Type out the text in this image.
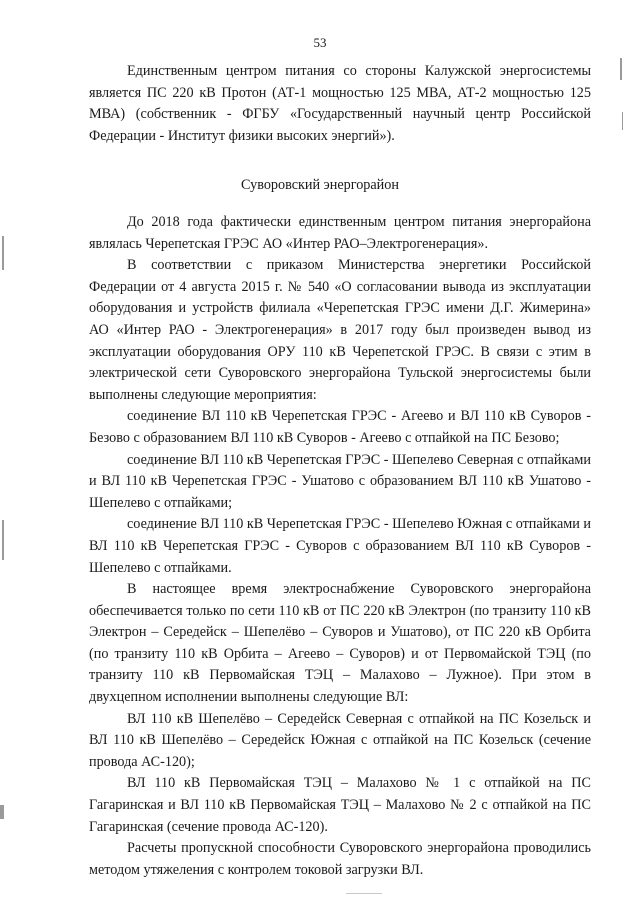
53

Единственным центром питания со стороны Калужской энергосистемы является ПС 220 кВ Протон (АТ-1 мощностью 125 МВА, АТ-2 мощностью 125 МВА) (собственник - ФГБУ «Государственный научный центр Российской Федерации - Институт физики высоких энергий»).

Суворовский энергорайон

До 2018 года фактически единственным центром питания энергорайона являлась Черепетская ГРЭС АО «Интер РАО–Электрогенерация».

В соответствии с приказом Министерства энергетики Российской Федерации от 4 августа 2015 г. № 540 «О согласовании вывода из эксплуатации оборудования и устройств филиала «Черепетская ГРЭС имени Д.Г. Жимерина» АО «Интер РАО - Электрогенерация» в 2017 году был произведен вывод из эксплуатации оборудования ОРУ 110 кВ Черепетской ГРЭС. В связи с этим в электрической сети Суворовского энергорайона Тульской энергосистемы были выполнены следующие мероприятия:

соединение ВЛ 110 кВ Черепетская ГРЭС - Агеево и ВЛ 110 кВ Суворов - Безово с образованием ВЛ 110 кВ Суворов - Агеево с отпайкой на ПС Безово;

соединение ВЛ 110 кВ Черепетская ГРЭС - Шепелево Северная с отпайками и ВЛ 110 кВ Черепетская ГРЭС - Ушатово с образованием ВЛ 110 кВ Ушатово - Шепелево с отпайками;

соединение ВЛ 110 кВ Черепетская ГРЭС - Шепелево Южная с отпайками и ВЛ 110 кВ Черепетская ГРЭС - Суворов с образованием ВЛ 110 кВ Суворов - Шепелево с отпайками.

В настоящее время электроснабжение Суворовского энергорайона обеспечивается только по сети 110 кВ от ПС 220 кВ Электрон (по транзиту 110 кВ Электрон – Середейск – Шепелёво – Суворов и Ушатово), от ПС 220 кВ Орбита (по транзиту 110 кВ Орбита – Агеево – Суворов) и от Первомайской ТЭЦ (по транзиту 110 кВ Первомайская ТЭЦ – Малахово – Лужное). При этом в двухцепном исполнении выполнены следующие ВЛ:

ВЛ 110 кВ Шепелёво – Середейск Северная с отпайкой на ПС Козельск и ВЛ 110 кВ Шепелёво – Середейск Южная с отпайкой на ПС Козельск (сечение провода АС-120);

ВЛ 110 кВ Первомайская ТЭЦ – Малахово № 1 с отпайкой на ПС Гагаринская и ВЛ 110 кВ Первомайская ТЭЦ – Малахово № 2 с отпайкой на ПС Гагаринская (сечение провода АС-120).

Расчеты пропускной способности Суворовского энергорайона проводились методом утяжеления с контролем токовой загрузки ВЛ.
